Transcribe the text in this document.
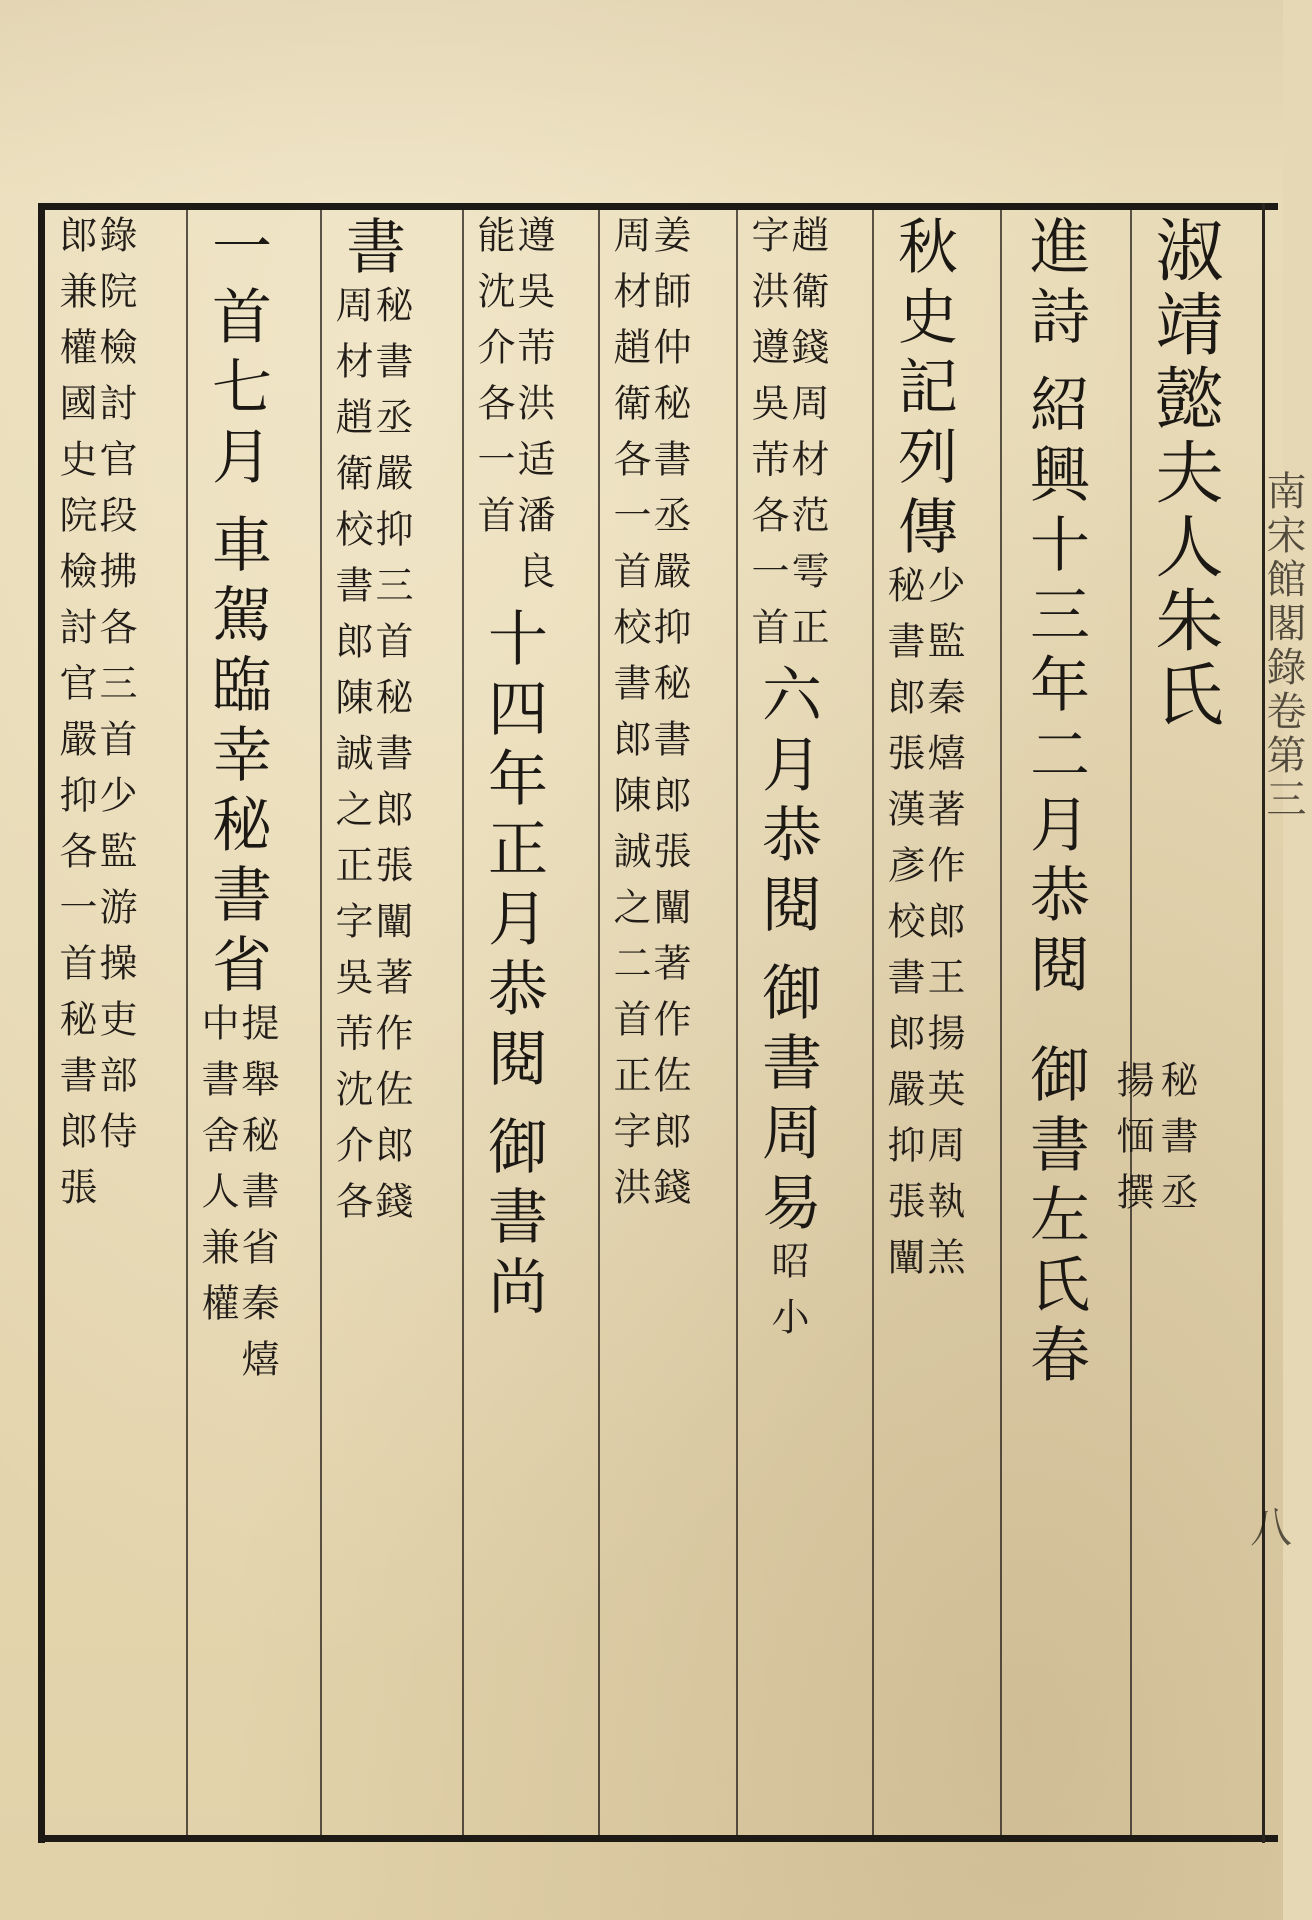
南宋館閣錄卷第三
八
淑靖懿夫人朱氏
揚愐撰 秘書丞
進詩
紹興十三年二月恭閱
御書左氏春
秋史記列傳
少監秦熺著作郎王揚英周執羔
秘書郎張漢彥校書郎嚴抑張闡
趙衛錢周材范雩正
字洪遵吳芾各一首
六月恭閱
御書周易
昭小
姜師仲秘書丞嚴抑秘書郎張闡著作佐郎錢
周材趙衛各一首校書郎陳誠之二首正字洪
遵吳芾洪适潘良
能沈介各一首
十四年正月恭閱
御書尚
書
秘書丞嚴抑三首秘書郎張闡著作佐郎錢
周材趙衛校書郎陳誠之正字吳芾沈介各
一首
七月
車駕臨幸秘書省
提舉秘書省秦熺
中書舍人兼權
錄院檢討官段拂各三首少監游操吏部侍
郎兼權國史院檢討官嚴抑各一首秘書郎張
